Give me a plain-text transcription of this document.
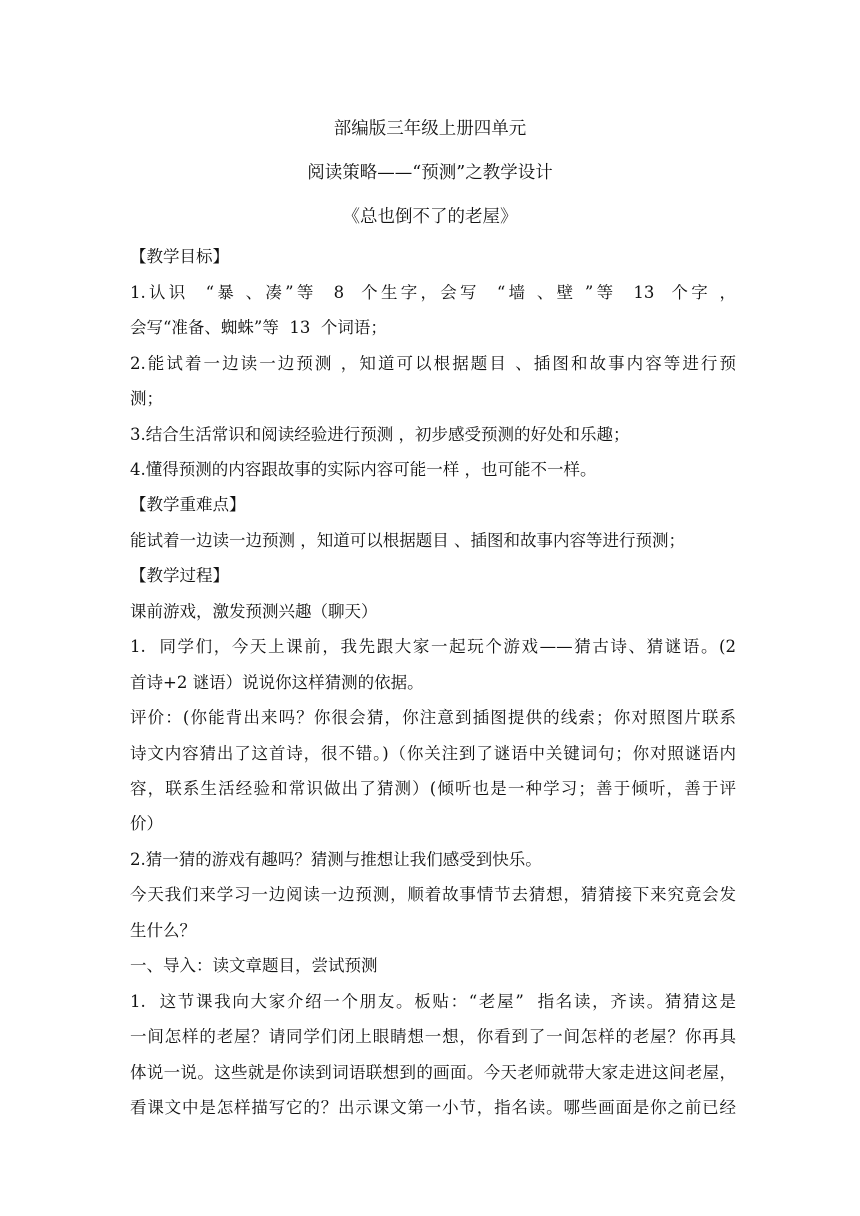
部编版三年级上册四单元
阅读策略——“预测”之教学设计
《总也倒不了的老屋》
【教学目标】
1.认识  “暴 、凑”等  8  个生字，会写  “墙 、壁 ”等  13  个字 ，
会写“准备、蜘蛛”等  13  个词语；
2.能试着一边读一边预测 ，知道可以根据题目 、插图和故事内容等进行预
测；
3.结合生活常识和阅读经验进行预测 ，初步感受预测的好处和乐趣；
4.懂得预测的内容跟故事的实际内容可能一样 ，也可能不一样。
【教学重难点】
能试着一边读一边预测 ，知道可以根据题目 、插图和故事内容等进行预测；
【教学过程】
课前游戏，激发预测兴趣（聊天）
1.  同学们，今天上课前，我先跟大家一起玩个游戏——猜古诗、猜谜语。(2
首诗+2 谜语）说说你这样猜测的依据。
评价：(你能背出来吗？你很会猜，你注意到插图提供的线索；你对照图片联系
诗文内容猜出了这首诗，很不错。)（你关注到了谜语中关键词句；你对照谜语内
容，联系生活经验和常识做出了猜测）(倾听也是一种学习；善于倾听，善于评
价）
2.猜一猜的游戏有趣吗？猜测与推想让我们感受到快乐。
今天我们来学习一边阅读一边预测，顺着故事情节去猜想，猜猜接下来究竟会发
生什么？
一、导入：读文章题目，尝试预测
1.  这节课我向大家介绍一个朋友。板贴：“老屋”  指名读，齐读。猜猜这是
一间怎样的老屋？请同学们闭上眼睛想一想，你看到了一间怎样的老屋？你再具
体说一说。这些就是你读到词语联想到的画面。今天老师就带大家走进这间老屋，
看课文中是怎样描写它的？出示课文第一小节，指名读。哪些画面是你之前已经
